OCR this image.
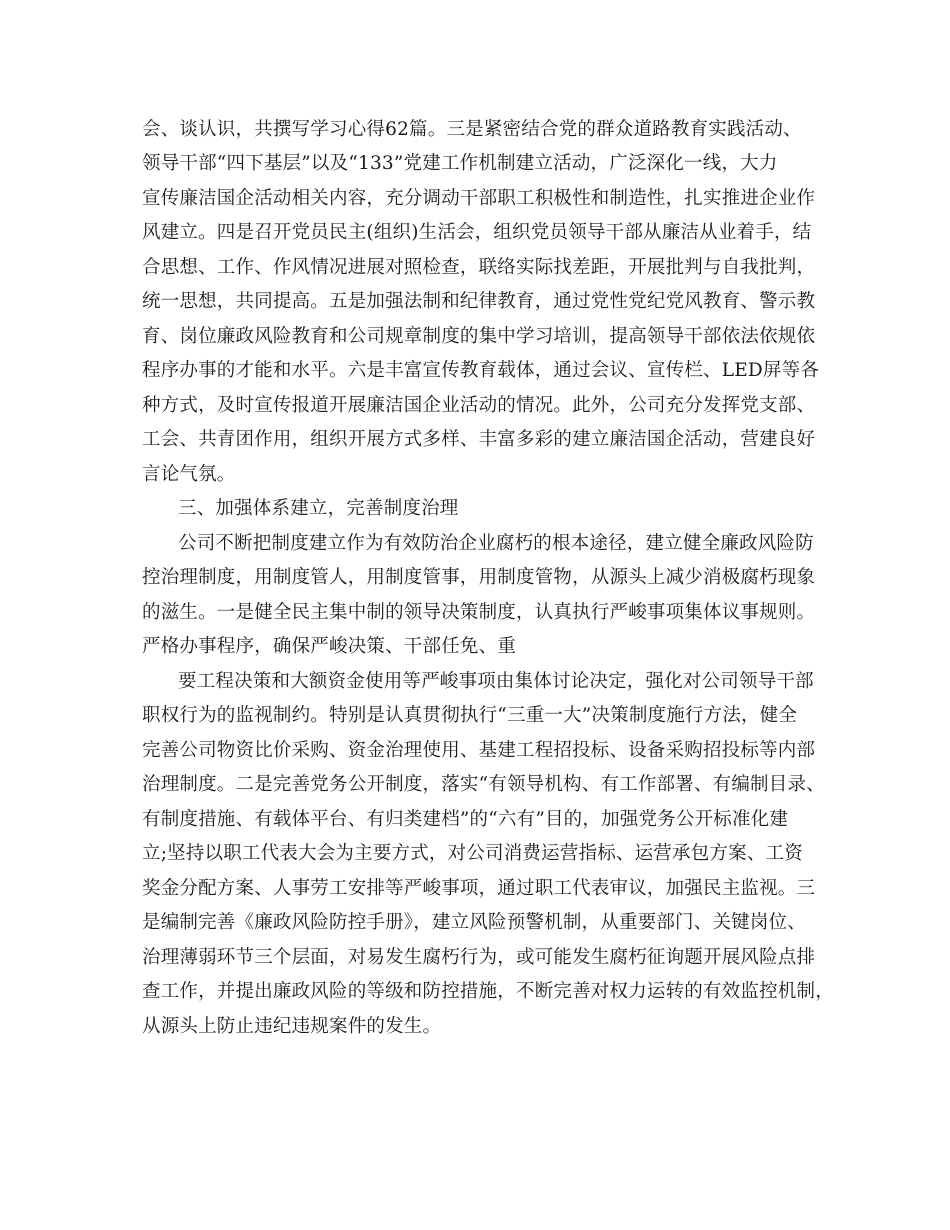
会、谈认识，共撰写学习心得62篇。三是紧密结合党的群众道路教育实践活动、

领导干部“四下基层”以及“133”党建工作机制建立活动，广泛深化一线，大力

宣传廉洁国企活动相关内容，充分调动干部职工积极性和制造性，扎实推进企业作

风建立。四是召开党员民主(组织)生活会，组织党员领导干部从廉洁从业着手，结

合思想、工作、作风情况进展对照检查，联络实际找差距，开展批判与自我批判，

统一思想，共同提高。五是加强法制和纪律教育，通过党性党纪党风教育、警示教

育、岗位廉政风险教育和公司规章制度的集中学习培训，提高领导干部依法依规依

程序办事的才能和水平。六是丰富宣传教育载体，通过会议、宣传栏、LED屏等各

种方式，及时宣传报道开展廉洁国企业活动的情况。此外，公司充分发挥党支部、

工会、共青团作用，组织开展方式多样、丰富多彩的建立廉洁国企活动，营建良好

言论气氛。

三、加强体系建立，完善制度治理

公司不断把制度建立作为有效防治企业腐朽的根本途径，建立健全廉政风险防

控治理制度，用制度管人，用制度管事，用制度管物，从源头上减少消极腐朽现象

的滋生。一是健全民主集中制的领导决策制度，认真执行严峻事项集体议事规则。

严格办事程序，确保严峻决策、干部任免、重

要工程决策和大额资金使用等严峻事项由集体讨论决定，强化对公司领导干部

职权行为的监视制约。特别是认真贯彻执行“三重一大”决策制度施行方法，健全

完善公司物资比价采购、资金治理使用、基建工程招投标、设备采购招投标等内部

治理制度。二是完善党务公开制度，落实“有领导机构、有工作部署、有编制目录、

有制度措施、有载体平台、有归类建档”的“六有”目的，加强党务公开标准化建

立;坚持以职工代表大会为主要方式，对公司消费运营指标、运营承包方案、工资

奖金分配方案、人事劳工安排等严峻事项，通过职工代表审议，加强民主监视。三

是编制完善《廉政风险防控手册》，建立风险预警机制，从重要部门、关键岗位、

治理薄弱环节三个层面，对易发生腐朽行为，或可能发生腐朽征询题开展风险点排

查工作，并提出廉政风险的等级和防控措施，不断完善对权力运转的有效监控机制，

从源头上防止违纪违规案件的发生。
